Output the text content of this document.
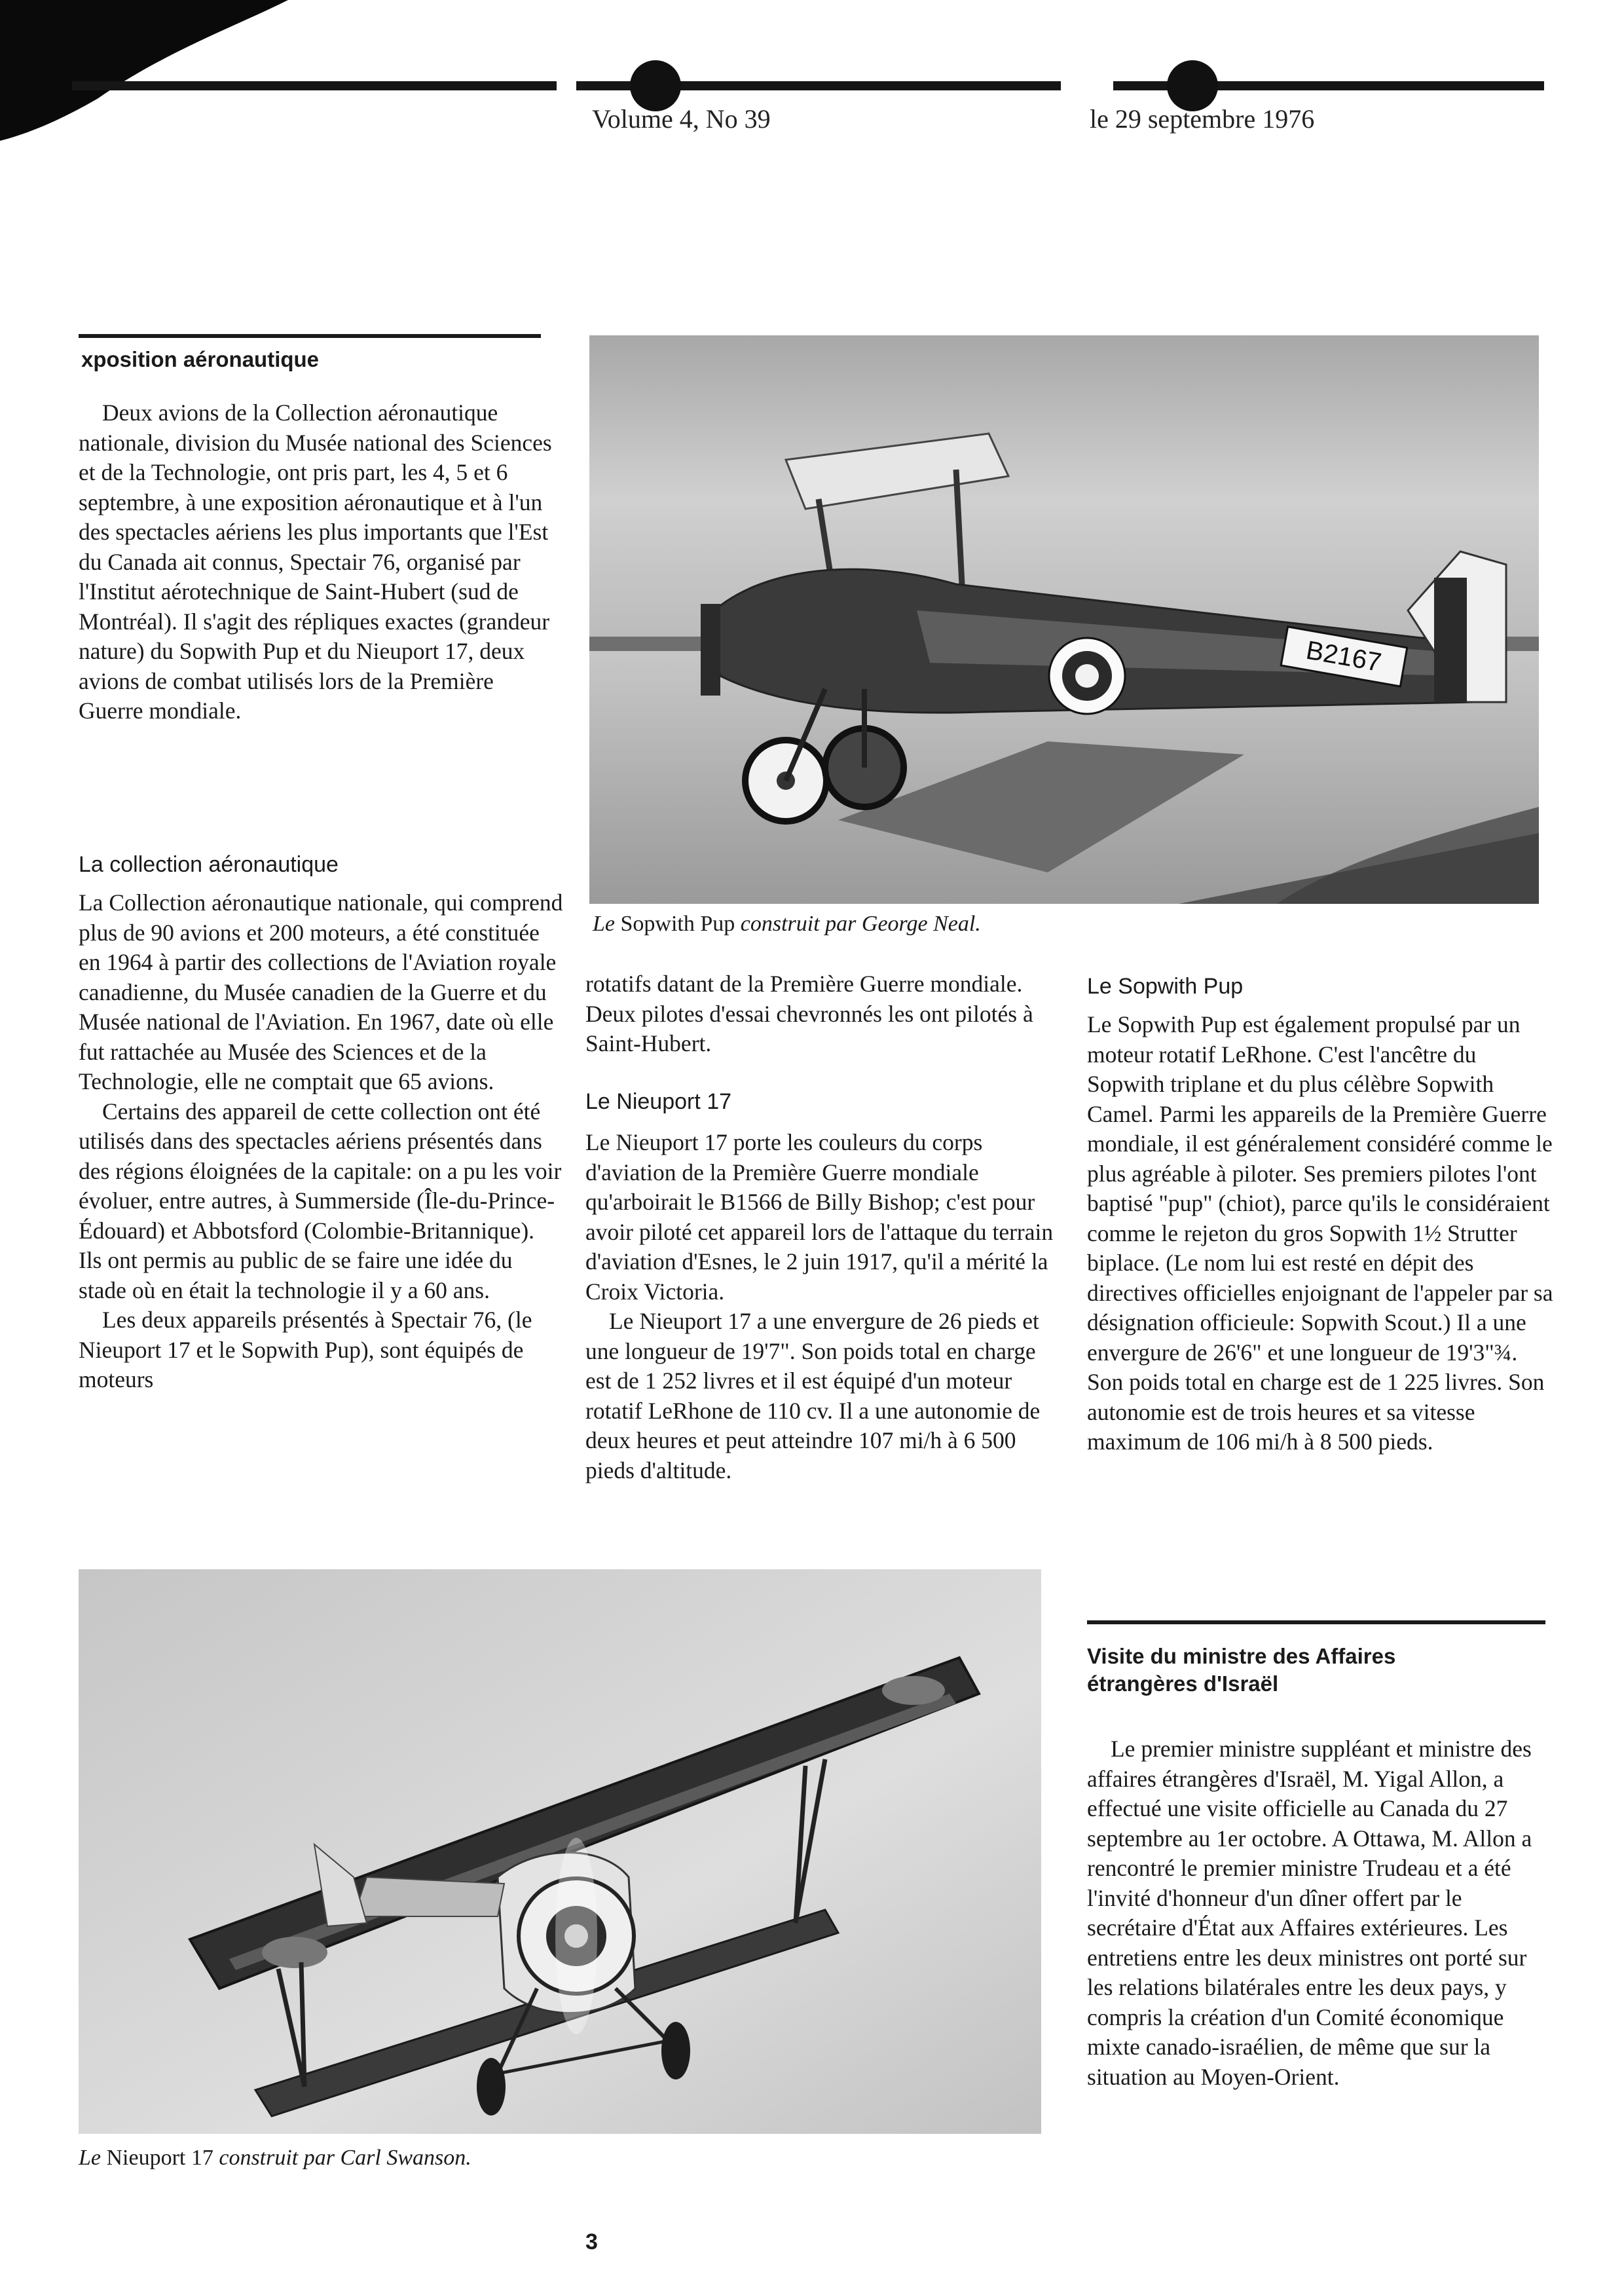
Volume 4, No 39	le 29 septembre 1976
xposition aéronautique

Deux avions de la Collection aéronautique nationale, division du Musée national des Sciences et de la Technologie, ont pris part, les 4, 5 et 6 septembre, à une exposition aéronautique et à l'un des spectacles aériens les plus importants que l'Est du Canada ait connus, Spectair 76, organisé par l'Institut aérotechnique de Saint-Hubert (sud de Montréal). Il s'agit des répliques exactes (grandeur nature) du Sopwith Pup et du Nieuport 17, deux avions de combat utilisés lors de la Première Guerre mondiale.

La collection aéronautique

La Collection aéronautique nationale, qui comprend plus de 90 avions et 200 moteurs, a été constituée en 1964 à partir des collections de l'Aviation royale canadienne, du Musée canadien de la Guerre et du Musée national de l'Aviation. En 1967, date où elle fut rattachée au Musée des Sciences et de la Technologie, elle ne comptait que 65 avions.

Certains des appareil de cette collection ont été utilisés dans des spectacles aériens présentés dans des régions éloignées de la capitale: on a pu les voir évoluer, entre autres, à Summerside (Île-du-Prince-Édouard) et Abbotsford (Colombie-Britannique). Ils ont permis au public de se faire une idée du stade où en était la technologie il y a 60 ans.

Les deux appareils présentés à Spectair 76, (le Nieuport 17 et le Sopwith Pup), sont équipés de moteurs

B2167
Le Sopwith Pup construit par George Neal.

rotatifs datant de la Première Guerre mondiale. Deux pilotes d'essai chevronnés les ont pilotés à Saint-Hubert.

Le Nieuport 17

Le Nieuport 17 porte les couleurs du corps d'aviation de la Première Guerre mondiale qu'arboirait le B1566 de Billy Bishop; c'est pour avoir piloté cet appareil lors de l'attaque du terrain d'aviation d'Esnes, le 2 juin 1917, qu'il a mérité la Croix Victoria.

Le Nieuport 17 a une envergure de 26 pieds et une longueur de 19'7". Son poids total en charge est de 1 252 livres et il est équipé d'un moteur rotatif LeRhone de 110 cv. Il a une autonomie de deux heures et peut atteindre 107 mi/h à 6 500 pieds d'altitude.

Le Sopwith Pup

Le Sopwith Pup est également propulsé par un moteur rotatif LeRhone. C'est l'ancêtre du Sopwith triplane et du plus célèbre Sopwith Camel. Parmi les appareils de la Première Guerre mondiale, il est généralement considéré comme le plus agréable à piloter. Ses premiers pilotes l'ont baptisé "pup" (chiot), parce qu'ils le considéraient comme le rejeton du gros Sopwith 1½ Strutter biplace. (Le nom lui est resté en dépit des directives officielles enjoignant de l'appeler par sa désignation officieule: Sopwith Scout.) Il a une envergure de 26'6" et une longueur de 19'3"¾. Son poids total en charge est de 1 225 livres. Son autonomie est de trois heures et sa vitesse maximum de 106 mi/h à 8 500 pieds.

Le Nieuport 17 construit par Carl Swanson.
Visite du ministre des Affaires étrangères d'Israël

Le premier ministre suppléant et ministre des affaires étrangères d'Israël, M. Yigal Allon, a effectué une visite officielle au Canada du 27 septembre au 1er octobre. A Ottawa, M. Allon a rencontré le premier ministre Trudeau et a été l'invité d'honneur d'un dîner offert par le secrétaire d'État aux Affaires extérieures. Les entretiens entre les deux ministres ont porté sur les relations bilatérales entre les deux pays, y compris la création d'un Comité économique mixte canado-israélien, de même que sur la situation au Moyen-Orient.

3
